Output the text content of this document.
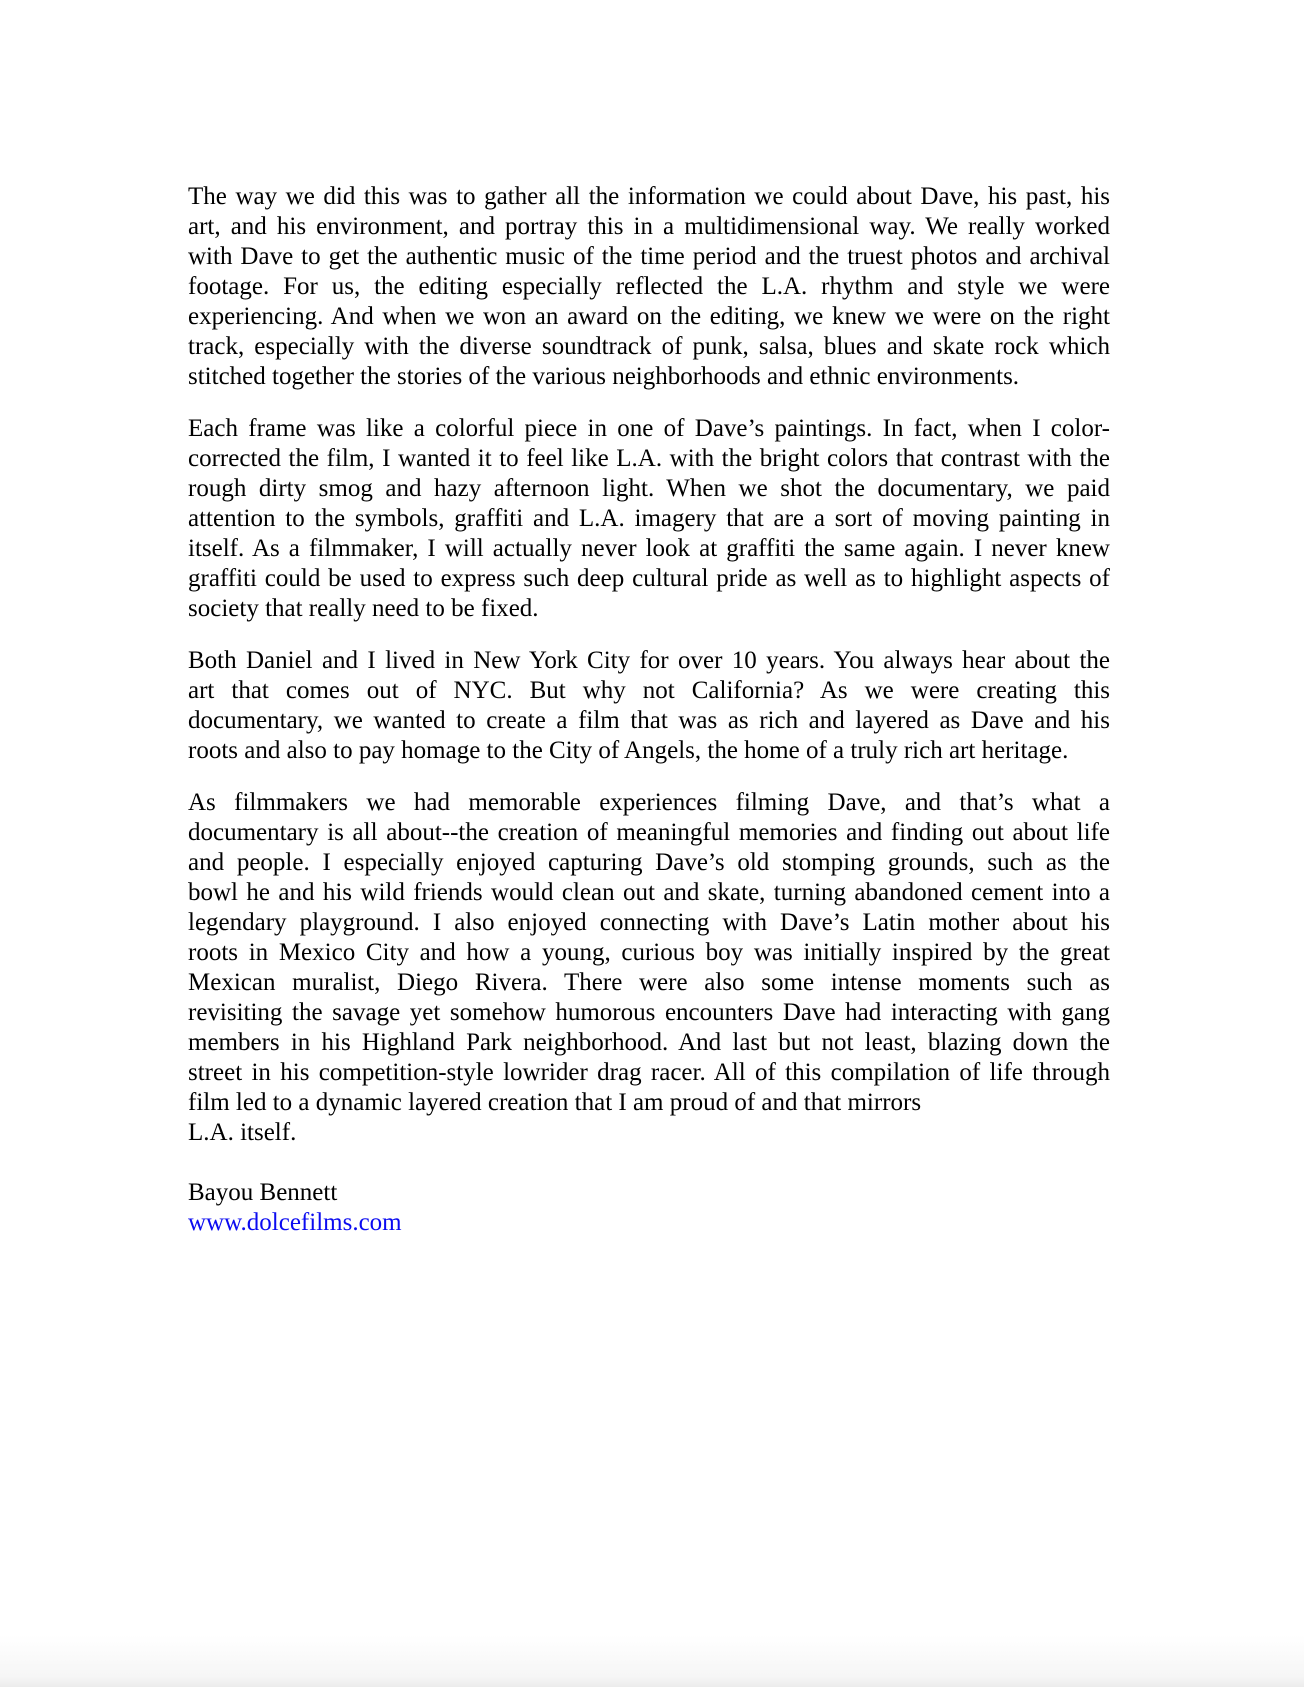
The way we did this was to gather all the information we could about Dave, his past, his
art, and his environment, and portray this in a multidimensional way. We really worked
with Dave to get the authentic music of the time period and the truest photos and archival
footage. For us, the editing especially reflected the L.A. rhythm and style we were
experiencing. And when we won an award on the editing, we knew we were on the right
track, especially with the diverse soundtrack of punk, salsa, blues and skate rock which
stitched together the stories of the various neighborhoods and ethnic environments.
Each frame was like a colorful piece in one of Dave’s paintings. In fact, when I color-
corrected the film, I wanted it to feel like L.A. with the bright colors that contrast with the
rough dirty smog and hazy afternoon light. When we shot the documentary, we paid
attention to the symbols, graffiti and L.A. imagery that are a sort of moving painting in
itself. As a filmmaker, I will actually never look at graffiti the same again. I never knew
graffiti could be used to express such deep cultural pride as well as to highlight aspects of
society that really need to be fixed.
Both Daniel and I lived in New York City for over 10 years. You always hear about the
art that comes out of NYC. But why not California? As we were creating this
documentary, we wanted to create a film that was as rich and layered as Dave and his
roots and also to pay homage to the City of Angels, the home of a truly rich art heritage.
As filmmakers we had memorable experiences filming Dave, and that’s what a
documentary is all about--the creation of meaningful memories and finding out about life
and people. I especially enjoyed capturing Dave’s old stomping grounds, such as the
bowl he and his wild friends would clean out and skate, turning abandoned cement into a
legendary playground. I also enjoyed connecting with Dave’s Latin mother about his
roots in Mexico City and how a young, curious boy was initially inspired by the great
Mexican muralist, Diego Rivera. There were also some intense moments such as
revisiting the savage yet somehow humorous encounters Dave had interacting with gang
members in his Highland Park neighborhood. And last but not least, blazing down the
street in his competition-style lowrider drag racer. All of this compilation of life through
film led to a dynamic layered creation that I am proud of and that mirrors
L.A. itself.
Bayou Bennett
www.dolcefilms.com
